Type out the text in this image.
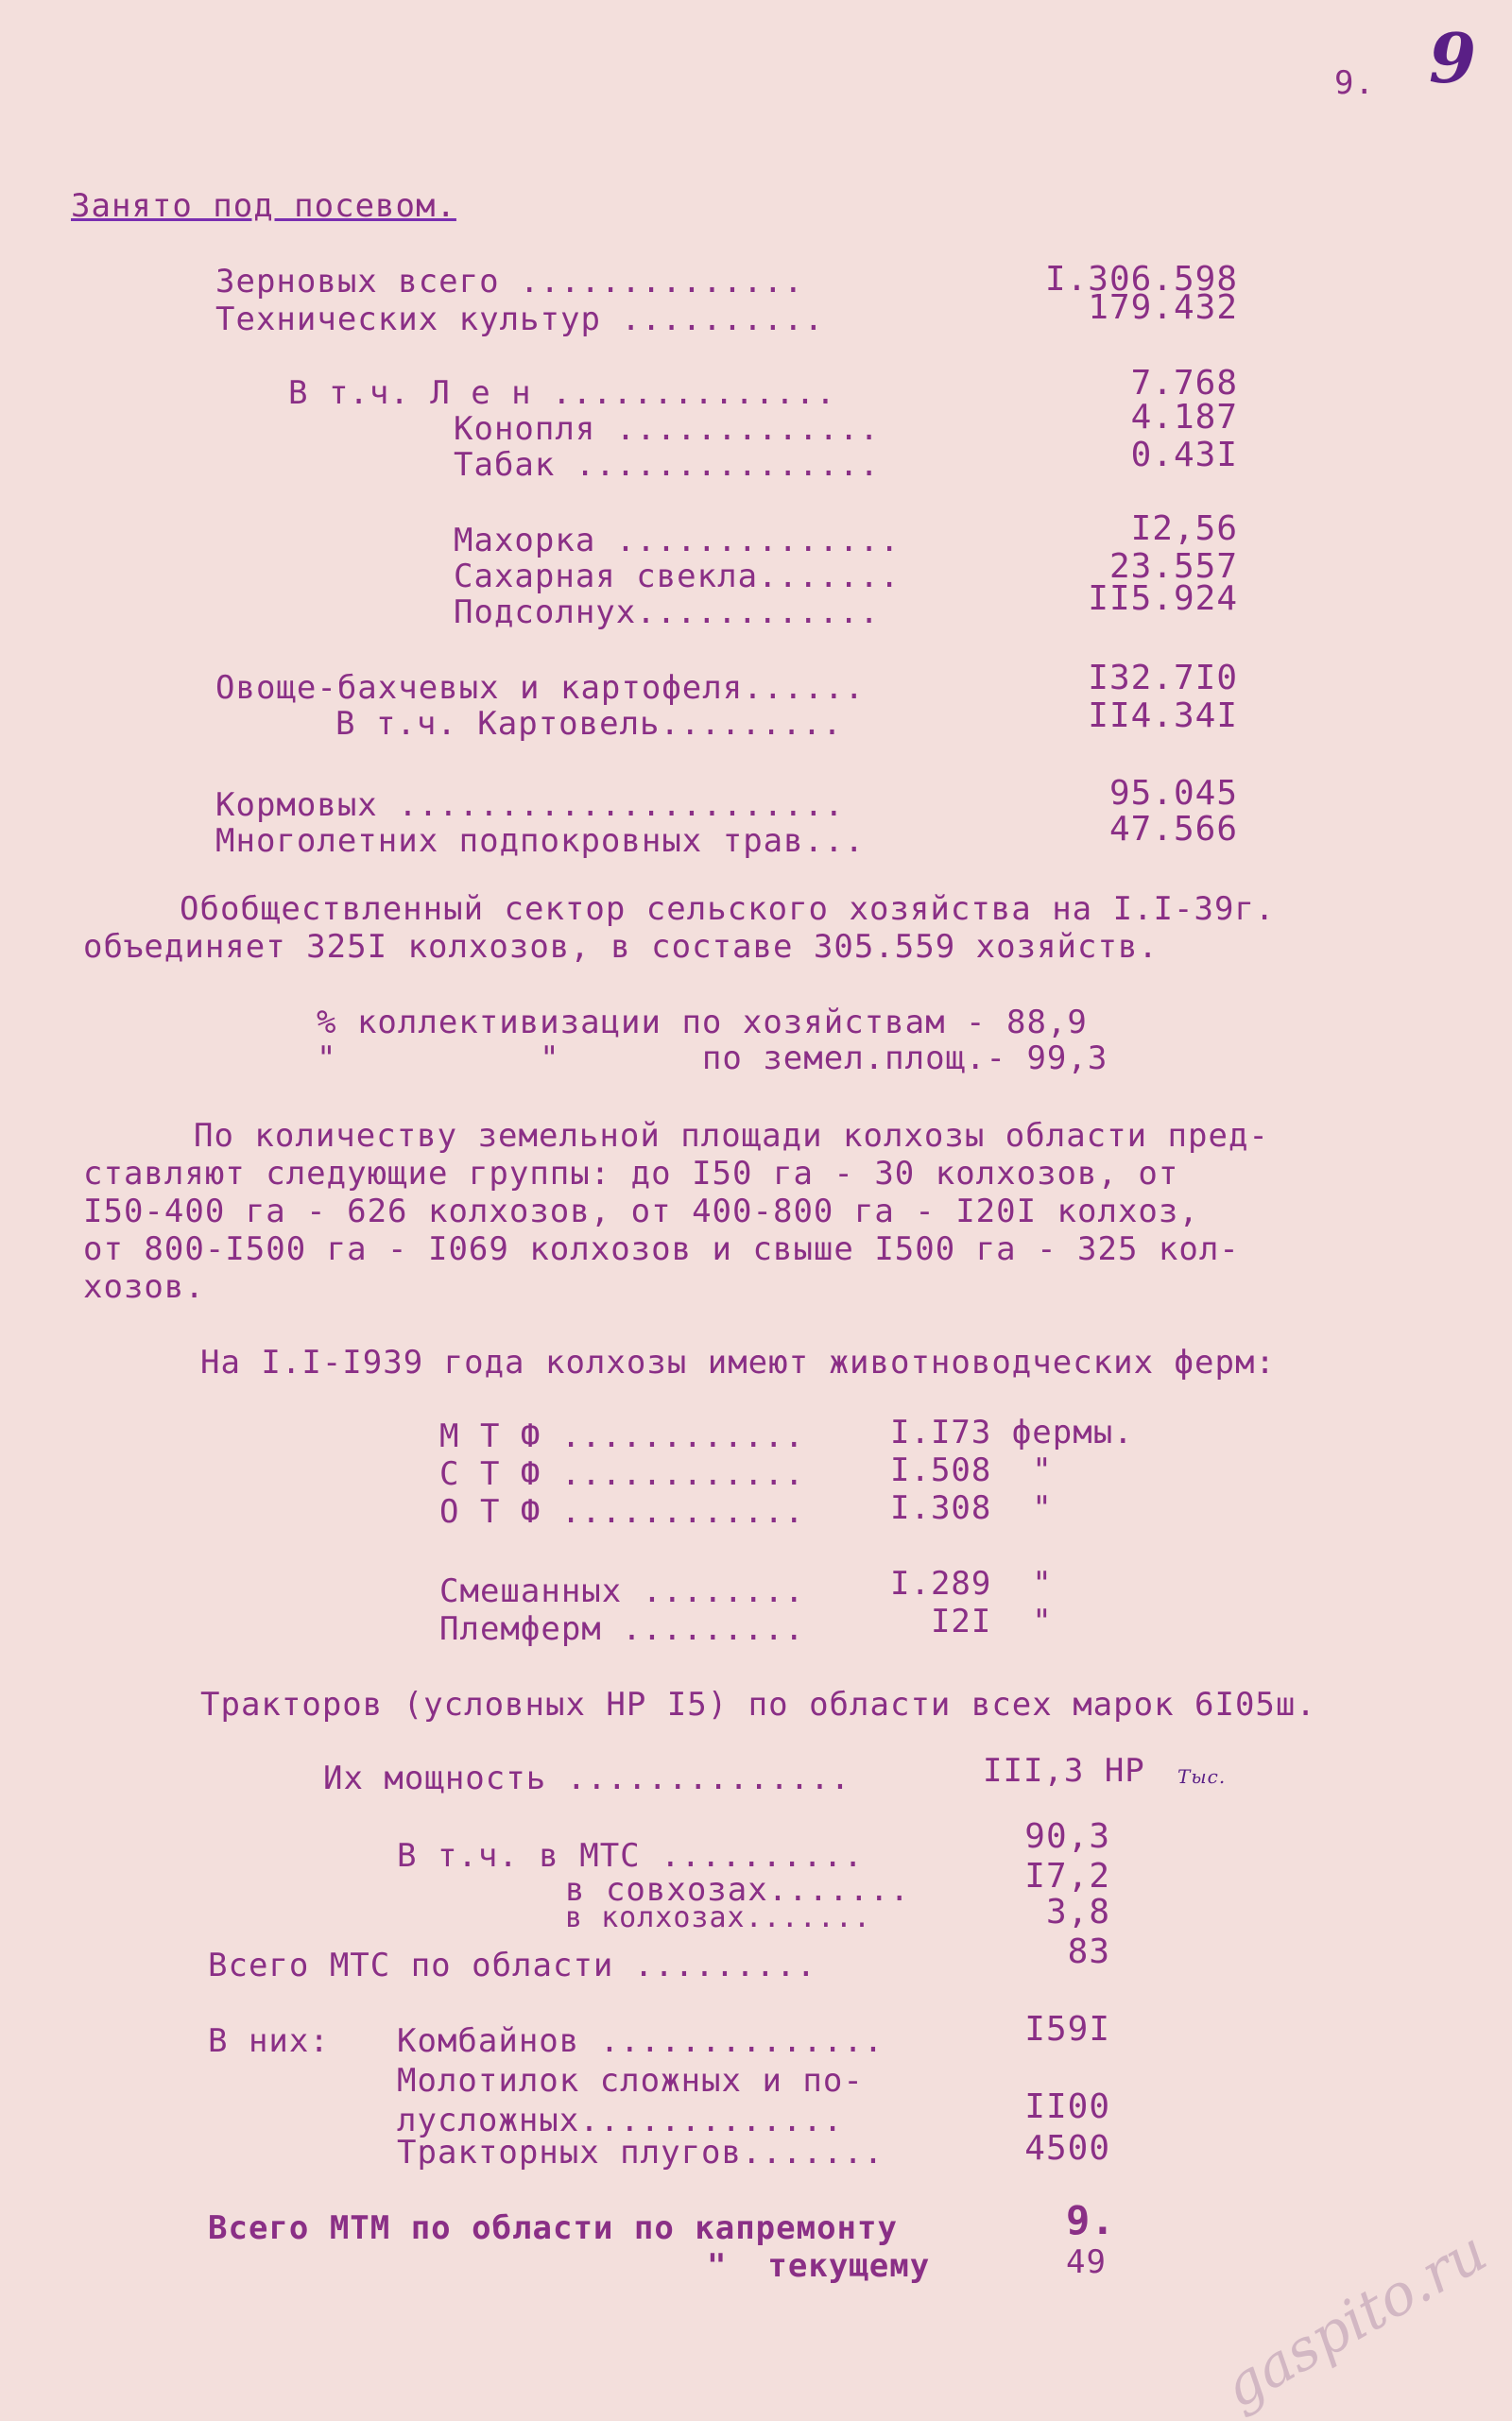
9. 9
Занято под посевом.
Зерновых всего ..............	I.306.598
Технических культур ..........	179.432
В т.ч. Л е н ..............	7.768
Конопля .............	4.187
Табак ...............	0.43I
Махорка ..............	I2,56
Сахарная свекла.......	23.557
Подсолнух............	II5.924
Овоще-бахчевых и картофеля......	I32.7I0
В т.ч. Картовель.........	II4.34I
Кормовых ......................	95.045
Многолетних подпокровных трав...	47.566
Обобществленный сектор сельского хозяйства на I.I-39г.
объединяет 325I колхозов, в составе 305.559 хозяйств.
% коллективизации по хозяйствам - 88,9
"          "       по земел.площ.- 99,3
По количеству земельной площади колхозы области пред-
ставляют следующие группы: до I50 га - 30 колхозов, от
I50-400 га - 626 колхозов, от 400-800 га - I20I колхоз,
от 800-I500 га - I069 колхозов и свыше I500 га - 325 кол-
хозов.
На I.I-I939 года колхозы имеют животноводческих ферм:
М Т Ф ............	I.I73 фермы.
С Т Ф ............	I.508  "
О Т Ф ............	I.308  "
Смешанных ........	I.289  "
Племферм .........	I2I  "
Тракторов (условных HP I5) по области всех марок 6I05ш.
Их мощность ..............	III,3 HP Тыс.
В т.ч. в МТС ..........	90,3
в совхозах.......	I7,2
в колхозах.......	3,8
Всего МТС по области .........	83
В них: Комбайнов ..............	I59I
Молотилок сложных и по-
лусложных.............	II00
Тракторных плугов.......	4500
Всего МТМ по области по капремонту	9.
"  текущему	49 gaspito.ru
